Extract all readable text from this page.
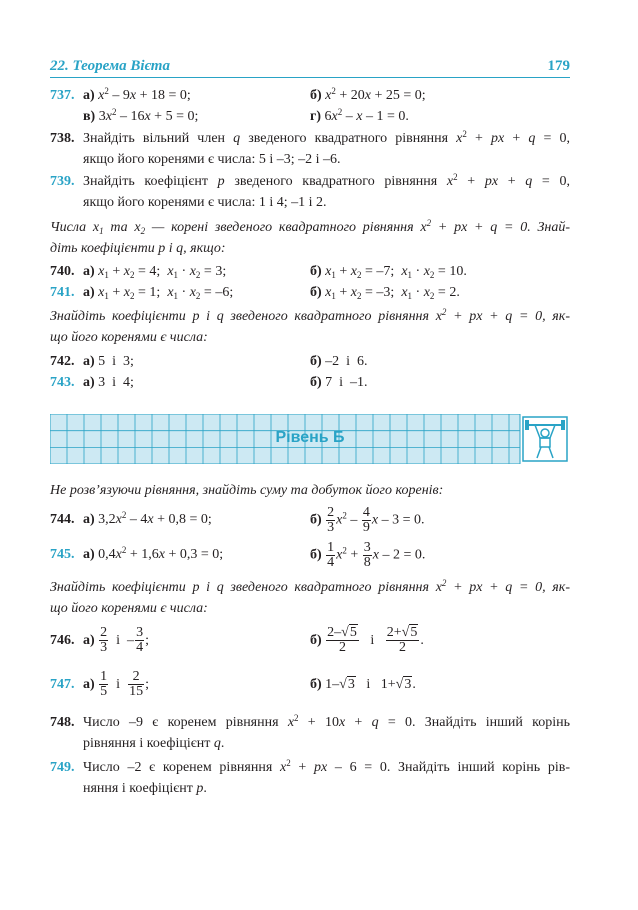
22. Теорема Вієта	179
737. а) $x^2 - 9x + 18 = 0$;	б) $x^2 + 20x + 25 = 0$;
в) $3x^2 - 16x + 5 = 0$;	г) $6x^2 - x - 1 = 0$.
738. Знайдіть вільний член q зведеного квадратного рівняння $x^2$ + px + q = 0,
якщо його коренями є числа: 5 і –3; –2 і –6.
739. Знайдіть коефіцієнт p зведеного квадратного рівняння $x^2$ + px + q = 0,
якщо його коренями є числа: 1 і 4; –1 і 2.
Числа $x_1$ та $x_2$ — корені зведеного квадратного рівняння $x^2$ + px + q = 0. Знай-
діть коефіцієнти p і q, якщо:
740. а) $x_1 + x_2 = 4$;  $x_1 \cdot x_2 = 3$;	б) $x_1 + x_2 = -7$;  $x_1 \cdot x_2 = 10$.
741. а) $x_1 + x_2 = 1$;  $x_1 \cdot x_2 = -6$;	б) $x_1 + x_2 = -3$;  $x_1 \cdot x_2 = 2$.
Знайдіть коефіцієнти p і q зведеного квадратного рівняння $x^2$ + px + q = 0, як-
що його коренями є числа:
742. а) 5  і  3;	б) –2  і  6.
743. а) 3  і  4;	б) 7  і  –1.
Рівень Б
Не розв’язуючи рівняння, знайдіть суму та добуток його коренів:
744. а) $3,2x^2 - 4x + 0,8 = 0$;	$б) \frac{2}{3} x^2 - \frac{4}{9}$ x – 3 = 0.
745. а) $0,4x^2 + 1,6x + 0,3 = 0$;	$б) \frac{1}{4} x^2 + \frac{3}{8}$ x – 2 = 0.
Знайдіть коефіцієнти p і q зведеного квадратного рівняння $x^2$ + px + q = 0, як-
що його коренями є числа:
746. $а) \frac{2}{3}$ і  – $\frac{3}{4}$ ;	$б) \frac{2-√5}{2}$ і $\frac{2+√5}{2}$ .
747. $а) \frac{1}{5}$ і $\frac{2}{15}$ ;	б) 1–√3   і   1+√3.
748. Число –9 є коренем рівняння $x^2 + 10x + q = 0$. Знайдіть інший корінь
рівняння і коефіцієнт q.
749. Число –2 є коренем рівняння $x^2$ + px – 6 = 0. Знайдіть інший корінь рів-
няння і коефіцієнт p.
